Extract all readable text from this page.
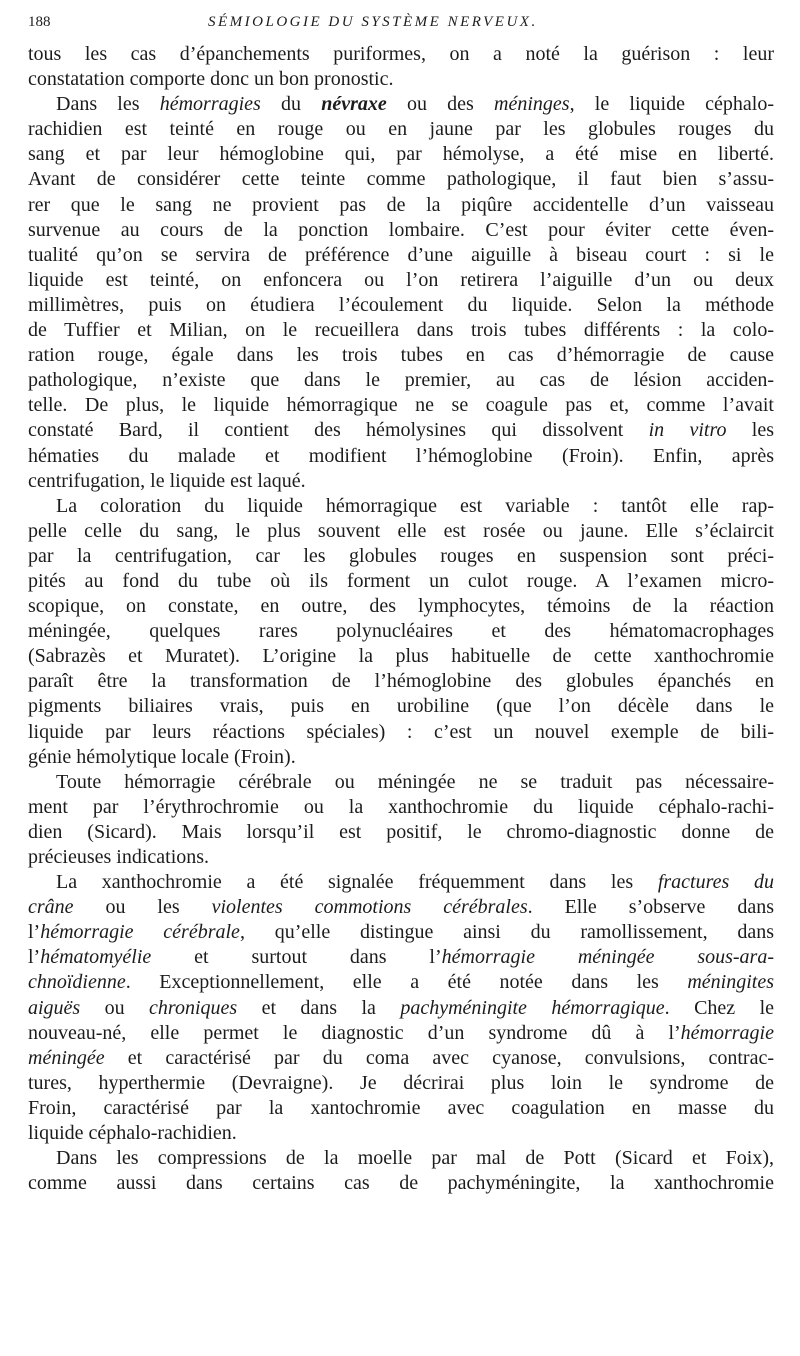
188	SÉMIOLOGIE DU SYSTÈME NERVEUX.
tous les cas d’épanchements puriformes, on a noté la guérison : leur
constatation comporte donc un bon pronostic.
Dans les hémorragies du névraxe ou des méninges, le liquide céphalo-
rachidien est teinté en rouge ou en jaune par les globules rouges du
sang et par leur hémoglobine qui, par hémolyse, a été mise en liberté.
Avant de considérer cette teinte comme pathologique, il faut bien s’assu-
rer que le sang ne provient pas de la piqûre accidentelle d’un vaisseau
survenue au cours de la ponction lombaire. C’est pour éviter cette éven-
tualité qu’on se servira de préférence d’une aiguille à biseau court : si le
liquide est teinté, on enfoncera ou l’on retirera l’aiguille d’un ou deux
millimètres, puis on étudiera l’écoulement du liquide. Selon la méthode
de Tuffier et Milian, on le recueillera dans trois tubes différents : la colo-
ration rouge, égale dans les trois tubes en cas d’hémorragie de cause
pathologique, n’existe que dans le premier, au cas de lésion acciden-
telle. De plus, le liquide hémorragique ne se coagule pas et, comme l’avait
constaté Bard, il contient des hémolysines qui dissolvent in vitro les
hématies du malade et modifient l’hémoglobine (Froin). Enfin, après
centrifugation, le liquide est laqué.
La coloration du liquide hémorragique est variable : tantôt elle rap-
pelle celle du sang, le plus souvent elle est rosée ou jaune. Elle s’éclaircit
par la centrifugation, car les globules rouges en suspension sont préci-
pités au fond du tube où ils forment un culot rouge. A l’examen micro-
scopique, on constate, en outre, des lymphocytes, témoins de la réaction
méningée, quelques rares polynucléaires et des hématomacrophages
(Sabrazès et Muratet). L’origine la plus habituelle de cette xanthochromie
paraît être la transformation de l’hémoglobine des globules épanchés en
pigments biliaires vrais, puis en urobiline (que l’on décèle dans le
liquide par leurs réactions spéciales) : c’est un nouvel exemple de bili-
génie hémolytique locale (Froin).
Toute hémorragie cérébrale ou méningée ne se traduit pas nécessaire-
ment par l’érythrochromie ou la xanthochromie du liquide céphalo-rachi-
dien (Sicard). Mais lorsqu’il est positif, le chromo-diagnostic donne de
précieuses indications.
La xanthochromie a été signalée fréquemment dans les fractures du
crâne ou les violentes commotions cérébrales. Elle s’observe dans
l’hémorragie cérébrale, qu’elle distingue ainsi du ramollissement, dans
l’hématomyélie et surtout dans l’hémorragie méningée sous-ara-
chnoïdienne. Exceptionnellement, elle a été notée dans les méningites
aiguës ou chroniques et dans la pachyméningite hémorragique. Chez le
nouveau-né, elle permet le diagnostic d’un syndrome dû à l’hémorragie
méningée et caractérisé par du coma avec cyanose, convulsions, contrac-
tures, hyperthermie (Devraigne). Je décrirai plus loin le syndrome de
Froin, caractérisé par la xantochromie avec coagulation en masse du
liquide céphalo-rachidien.
Dans les compressions de la moelle par mal de Pott (Sicard et Foix),
comme aussi dans certains cas de pachyméningite, la xanthochromie
